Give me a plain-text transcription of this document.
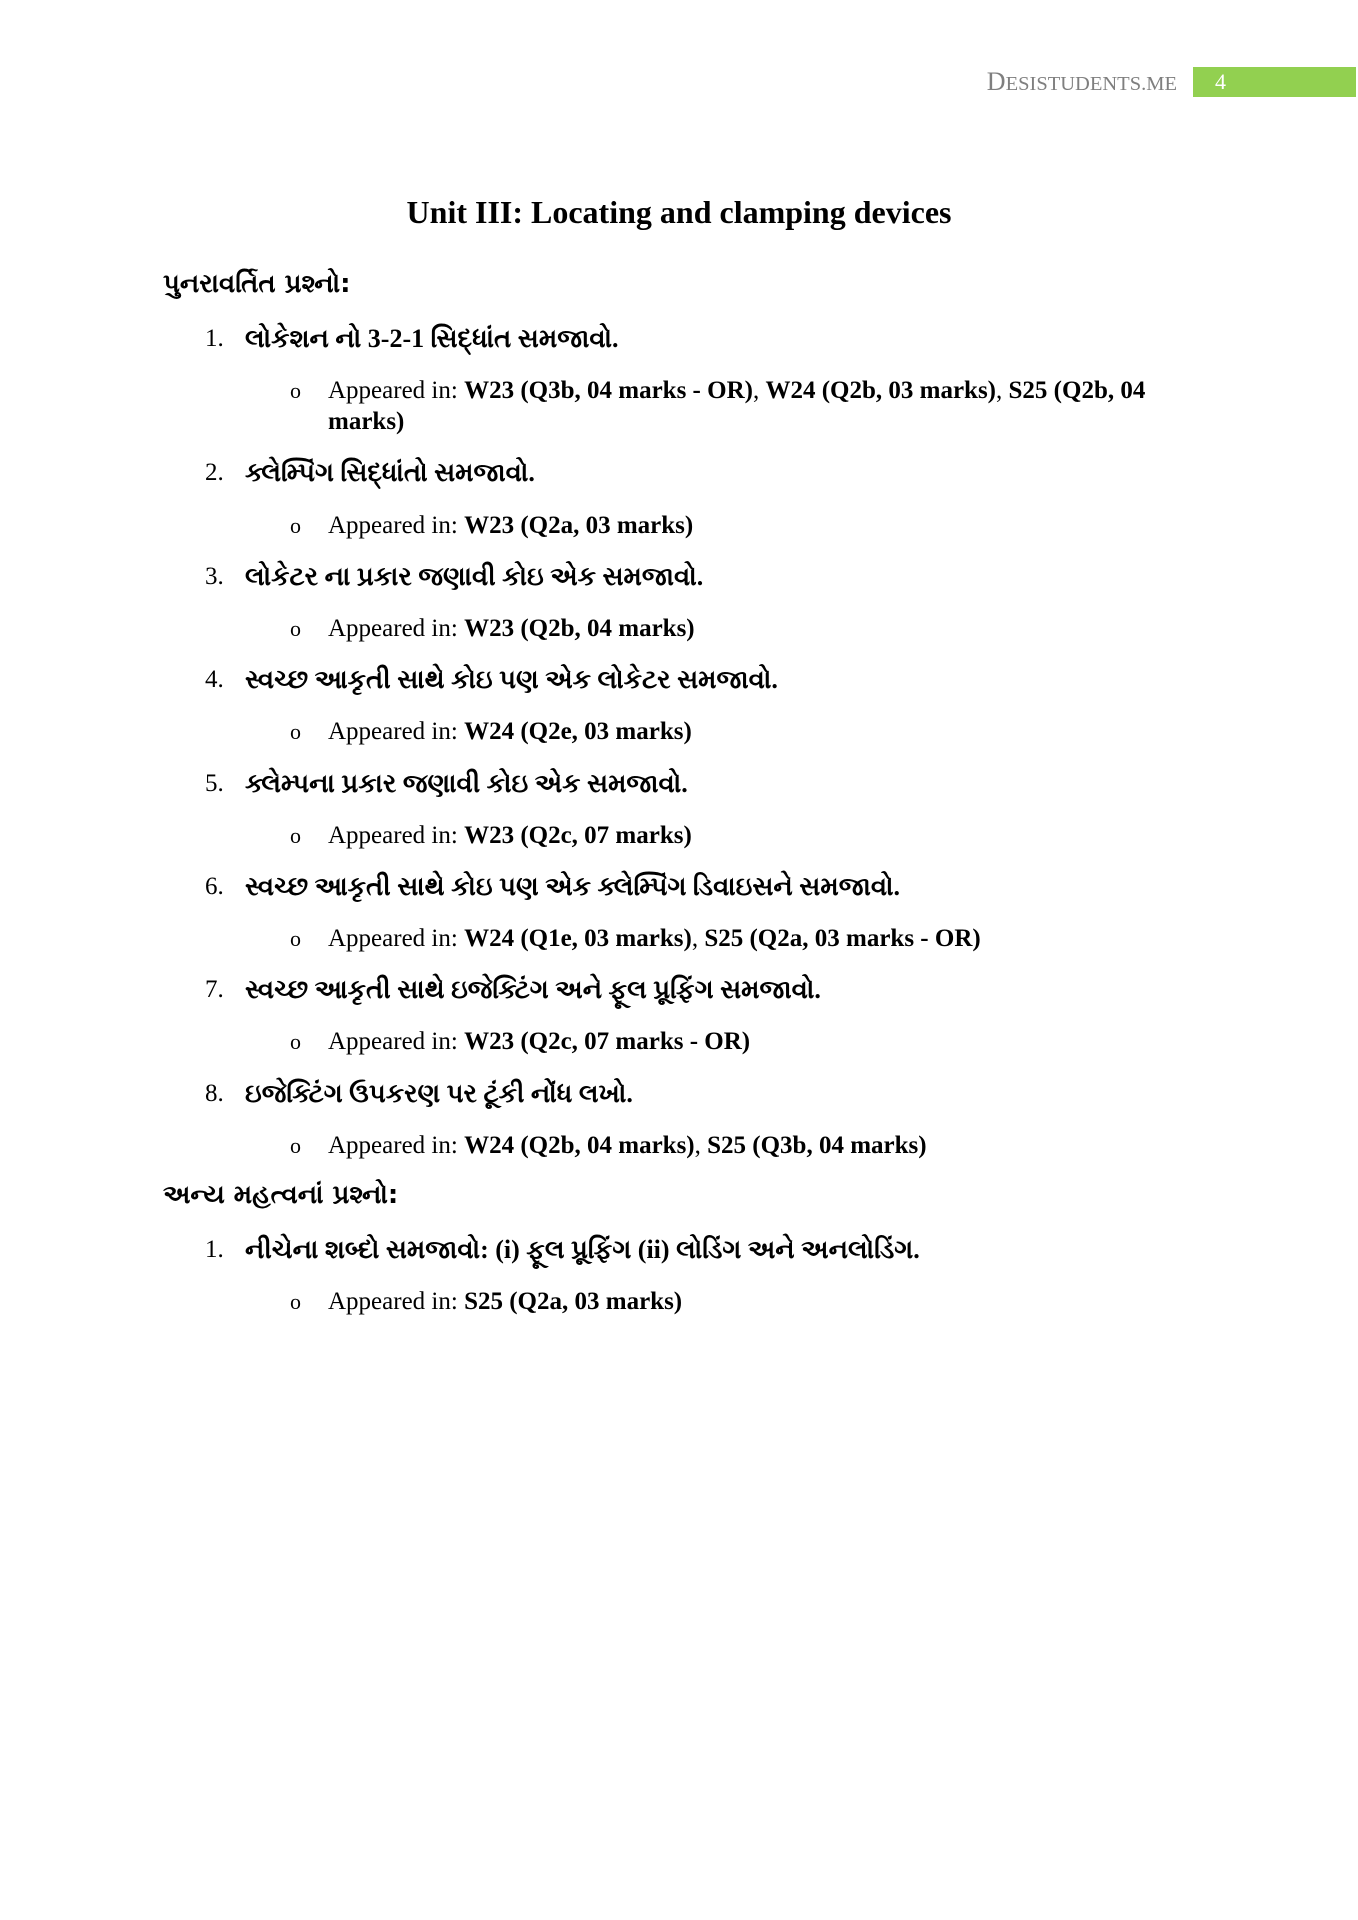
DESISTUDENTS.ME 4
Unit III: Locating and clamping devices
પુનરાવર્તિત પ્રશ્નો:
1. લોકેશન નો 3-2-1 સિદ્ધાંત સમજાવો.
o Appeared in: W23 (Q3b, 04 marks - OR), W24 (Q2b, 03 marks), S25 (Q2b, 04 marks)
2. ક્લેમ્પિંગ સિદ્ધાંતો સમજાવો.
o Appeared in: W23 (Q2a, 03 marks)
3. લોકેટર ના પ્રકાર જણાવી કોઇ એક સમજાવો.
o Appeared in: W23 (Q2b, 04 marks)
4. સ્વચ્છ આકૃતી સાથે કોઇ પણ એક લોકેટર સમજાવો.
o Appeared in: W24 (Q2e, 03 marks)
5. ક્લેમ્પના પ્રકાર જણાવી કોઇ એક સમજાવો.
o Appeared in: W23 (Q2c, 07 marks)
6. સ્વચ્છ આકૃતી સાથે કોઇ પણ એક ક્લેમ્પિંગ ડિવાઇસને સમજાવો.
o Appeared in: W24 (Q1e, 03 marks), S25 (Q2a, 03 marks - OR)
7. સ્વચ્છ આકૃતી સાથે ઇજેક્ટિંગ અને ફૂલ પ્રૂફિંગ સમજાવો.
o Appeared in: W23 (Q2c, 07 marks - OR)
8. ઇજેક્ટિંગ ઉપકરણ પર ટૂંકી નોંધ લખો.
o Appeared in: W24 (Q2b, 04 marks), S25 (Q3b, 04 marks)
અન્ય મહત્વનાં પ્રશ્નો:
1. નીચેના શબ્દો સમજાવો: (i) ફૂલ પ્રૂફિંગ (ii) લોડિંગ અને અનલોડિંગ.
o Appeared in: S25 (Q2a, 03 marks)
